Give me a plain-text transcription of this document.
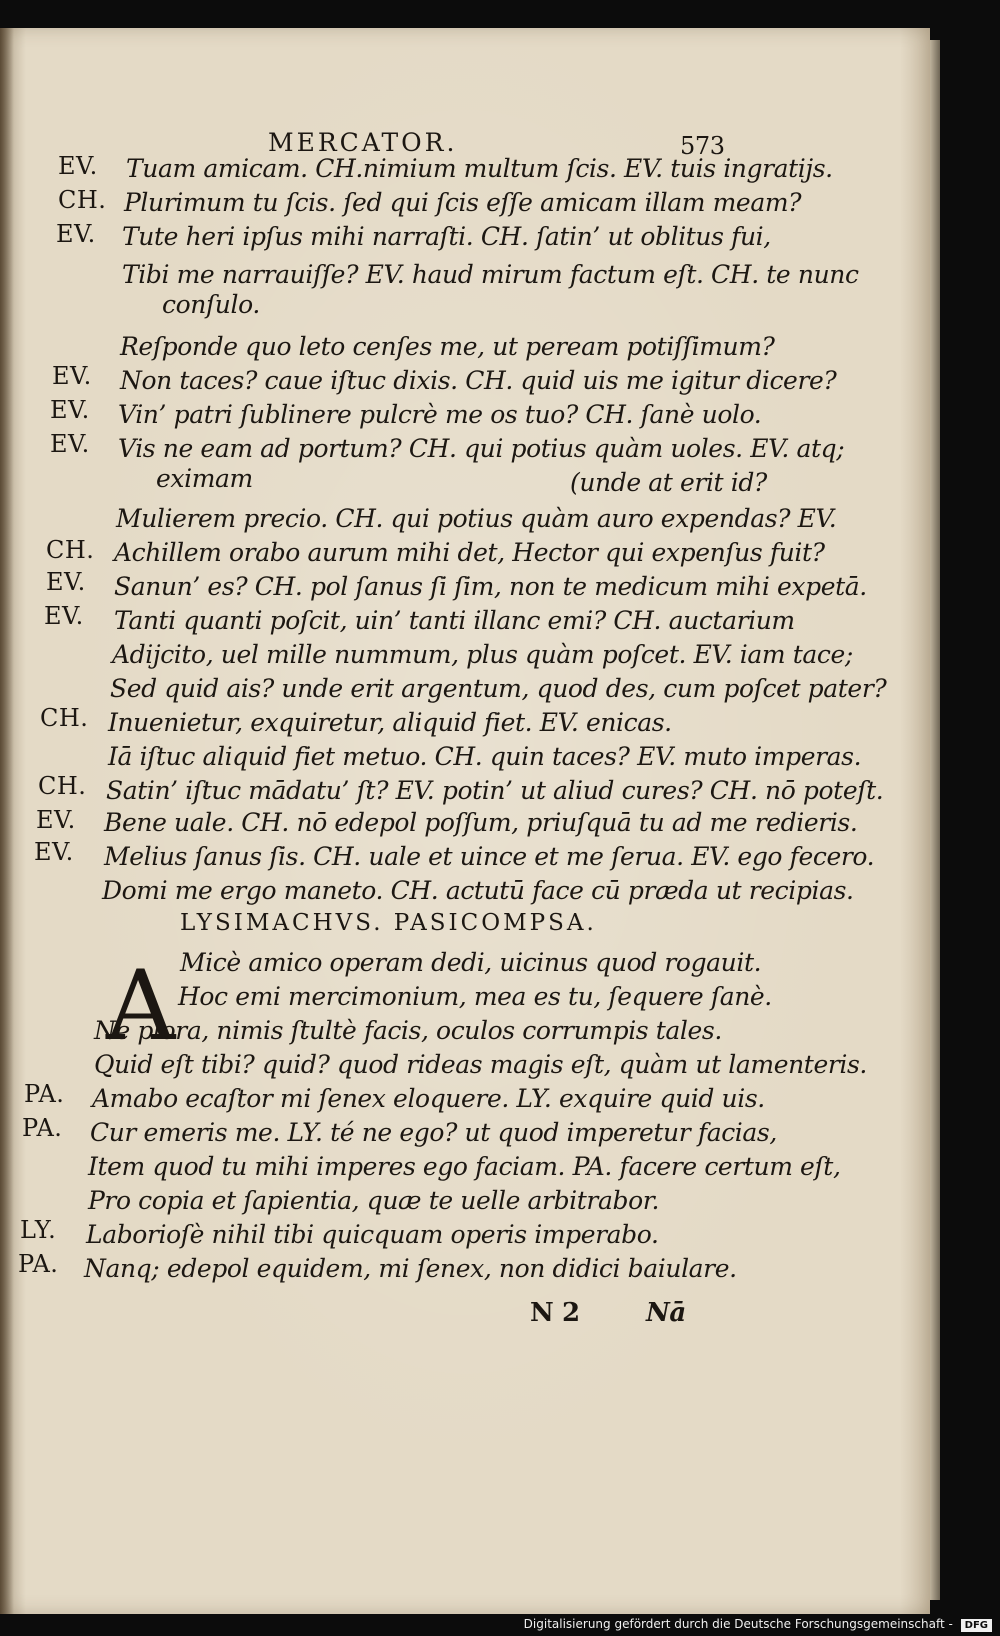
MERCATOR.	573
EV. Tuam amicam. CH.nimium multum ſcis. EV. tuis ingratijs.
CH. Plurimum tu ſcis. ſed qui ſcis eſſe amicam illam meam?
EV. Tute heri ipſus mihi narraſti. CH. ſatin’ ut oblitus fui,
Tibi me narrauiſſe? EV. haud mirum factum eſt. CH. te nunc
conſulo.
Reſponde quo leto cenſes me, ut peream potiſſimum?
EV. Non taces? caue iſtuc dixis. CH. quid uis me igitur dicere?
EV. Vin’ patri ſublinere pulcrè me os tuo? CH. ſanè uolo.
EV. Vis ne eam ad portum? CH. qui potius quàm uoles. EV. atq;
eximam	(unde at erit id?
Mulierem precio. CH. qui potius quàm auro expendas? EV.
CH. Achillem orabo aurum mihi det, Hector qui expenſus fuit?
EV. Sanun’ es? CH. pol ſanus ſi ſim, non te medicum mihi expetā.
EV. Tanti quanti poſcit, uin’ tanti illanc emi? CH. auctarium
Adijcito, uel mille nummum, plus quàm poſcet. EV. iam tace;
Sed quid ais? unde erit argentum, quod des, cum poſcet pater?
CH. Inuenietur, exquiretur, aliquid fiet. EV. enicas.
Iā iſtuc aliquid fiet metuo. CH. quin taces? EV. muto imperas.
CH. Satin’ iſtuc mādatu’ ſt? EV. potin’ ut aliud cures? CH. nō poteſt.
EV. Bene uale. CH. nō edepol poſſum, priuſquā tu ad me redieris.
EV. Melius ſanus ſis. CH. uale et uince et me ſerua. EV. ego fecero.
Domi me ergo maneto. CH. actutū face cū præda ut recipias.
LYSIMACHVS. PASICOMPSA.
A Micè amico operam dedi, uicinus quod rogauit.
Hoc emi mercimonium, mea es tu, ſequere ſanè.
Ne plora, nimis ſtultè facis, oculos corrumpis tales.
Quid eſt tibi? quid? quod rideas magis eſt, quàm ut lamenteris.
PA. Amabo ecaſtor mi ſenex eloquere. LY. exquire quid uis.
PA. Cur emeris me. LY. té ne ego? ut quod imperetur facias,
Item quod tu mihi imperes ego faciam. PA. facere certum eſt,
Pro copia et ſapientia, quæ te uelle arbitrabor.
LY. Laborioſè nihil tibi quicquam operis imperabo.
PA. Nanq; edepol equidem, mi ſenex, non didici baiulare.
N 2	Nā
Digitalisierung gefördert durch die Deutsche Forschungsgemeinschaft - DFG
